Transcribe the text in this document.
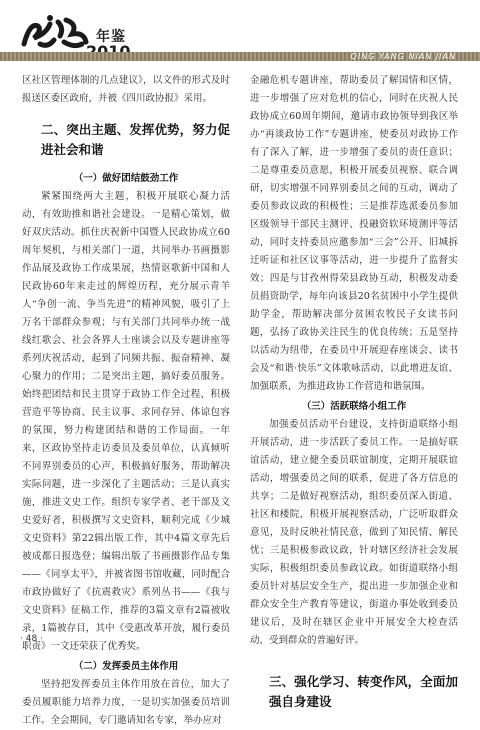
年鉴
QING YANG NIAN JIAN

区社区管理体制的几点建议》，以文件的形式及时报送区委区政府，并被《四川政协报》采用。

二、突出主题、发挥优势，努力促进社会和谐
（一）做好团结鼓劲工作

紧紧围绕两大主题，积极开展联心凝力活动，有效助推和谐社会建设。一是精心策划，做好双庆活动。抓住庆祝新中国暨人民政协成立60周年契机，与相关部门一道，共同举办书画摄影作品展及政协工作成果展，热情讴歌新中国和人民政协60年来走过的辉煌历程，充分展示青羊人“争创一流、争当先进”的精神风貌，吸引了上万名干部群众参观；与有关部门共同举办统一战线红歌会、社会各界人士座谈会以及专题讲座等系列庆祝活动，起到了同频共振、振奋精神、凝心聚力的作用；二是突出主题，搞好委员服务。始终把团结和民主贯穿于政协工作全过程，积极营造平等协商、民主议事、求同存异、体谅包容的氛围，努力构建团结和谐的工作局面。一年来，区政协坚持走访委员及委员单位，认真倾听不同界别委员的心声，积极搞好服务，帮助解决实际问题，进一步深化了主题活动；三是认真实施，推进文史工作。组织专家学者、老干部及文史爱好者，积极撰写文史资料，顺利完成《少城文史资料》第22辑出版工作，其中4篇文章先后被成都日报选登；编辑出版了书画摄影作品专集——《同享太平》，并被省图书馆收藏，同时配合市政协做好了《抗震救灾》系列丛书——《我与文史资料》征稿工作，推荐的3篇文章有2篇被收录，1篇被存目，其中《受惠改革开放，履行委员职责》一文还荣获了优秀奖。

（二）发挥委员主体作用

坚持把发挥委员主体作用放在首位，加大了委员履职能力培养力度，一是切实加强委员培训工作。全会期间，专门邀请知名专家，举办应对

金融危机专题讲座，帮助委员了解国情和区情，进一步增强了应对危机的信心，同时在庆祝人民政协成立60周年期间，邀请市政协领导到我区举办“再谈政协工作”专题讲座，使委员对政协工作有了深入了解，进一步增强了委员的责任意识；二是尊重委员意愿，积极开展委员视察、联合调研，切实增强不同界别委员之间的互动，调动了委员参政议政的积极性；三是推荐选派委员参加区级领导干部民主测评、投融资软环境测评等活动，同时支持委员应邀参加“三会”公开、旧城拆迁听证和社区议事等活动，进一步提升了监督实效；四是与甘孜州得荣县政协互动，积极发动委员捐资助学，每年向该县20名贫困中小学生提供助学金，帮助解决部分贫困农牧民子女读书问题，弘扬了政协关注民生的优良传统；五是坚持以活动为纽带，在委员中开展迎春座谈会、读书会及“和谐·快乐”文体歌咏活动，以此增进友谊、加强联系，为推进政协工作营造和谐氛围。

（三）活跃联络小组工作

加强委员活动平台建设，支持街道联络小组开展活动，进一步活跃了委员工作。一是搞好联谊活动，建立健全委员联谊制度，定期开展联谊活动，增强委员之间的联系，促进了各方信息的共享；二是做好视察活动，组织委员深入街道、社区和楼院，积极开展视察活动，广泛听取群众意见，及时反映社情民意，做到了知民情、解民忧；三是积极参政议政，针对辖区经济社会发展实际，积极组织委员参政议政。如街道联络小组委员针对基层安全生产，提出进一步加强企业和群众安全生产教育等建议，街道办事处收到委员建议后，及时在辖区企业中开展安全大检查活动，受到群众的普遍好评。

三、强化学习、转变作风，全面加强自身建设
· 48 ·
